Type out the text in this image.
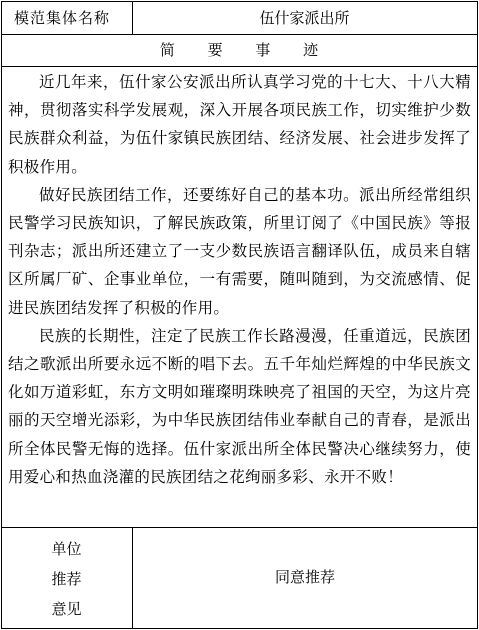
模范集体名称	伍什家派出所
简 要 事 迹

近几年来，伍什家公安派出所认真学习党的十七大、十八大精神，贯彻落实科学发展观，深入开展各项民族工作，切实维护少数民族群众利益，为伍什家镇民族团结、经济发展、社会进步发挥了积极作用。

做好民族团结工作，还要练好自己的基本功。派出所经常组织民警学习民族知识，了解民族政策，所里订阅了《中国民族》等报刊杂志；派出所还建立了一支少数民族语言翻译队伍，成员来自辖区所属厂矿、企事业单位，一有需要，随叫随到，为交流感情、促进民族团结发挥了积极的作用。

民族的长期性，注定了民族工作长路漫漫，任重道远，民族团结之歌派出所要永远不断的唱下去。五千年灿烂辉煌的中华民族文化如万道彩虹，东方文明如璀璨明珠映亮了祖国的天空，为这片亮丽的天空增光添彩，为中华民族团结伟业奉献自己的青春，是派出所全体民警无悔的选择。伍什家派出所全体民警决心继续努力，使用爱心和热血浇灌的民族团结之花绚丽多彩、永开不败！

单位
推荐
意见
同意推荐
